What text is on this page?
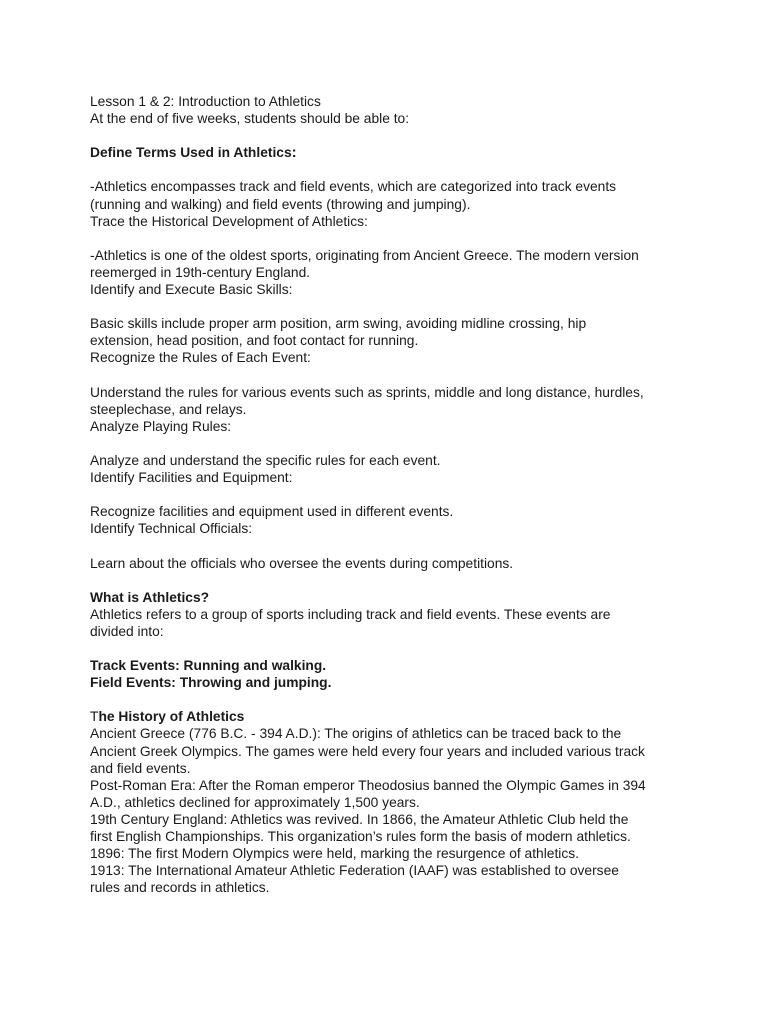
Lesson 1 & 2: Introduction to Athletics
At the end of five weeks, students should be able to:
Define Terms Used in Athletics:
-Athletics encompasses track and field events, which are categorized into track events
(running and walking) and field events (throwing and jumping).
Trace the Historical Development of Athletics:
-Athletics is one of the oldest sports, originating from Ancient Greece. The modern version
reemerged in 19th-century England.
Identify and Execute Basic Skills:
Basic skills include proper arm position, arm swing, avoiding midline crossing, hip
extension, head position, and foot contact for running.
Recognize the Rules of Each Event:
Understand the rules for various events such as sprints, middle and long distance, hurdles,
steeplechase, and relays.
Analyze Playing Rules:
Analyze and understand the specific rules for each event.
Identify Facilities and Equipment:
Recognize facilities and equipment used in different events.
Identify Technical Officials:
Learn about the officials who oversee the events during competitions.
What is Athletics?
Athletics refers to a group of sports including track and field events. These events are
divided into:
Track Events: Running and walking.
Field Events: Throwing and jumping.
The History of Athletics
Ancient Greece (776 B.C. - 394 A.D.): The origins of athletics can be traced back to the
Ancient Greek Olympics. The games were held every four years and included various track
and field events.
Post-Roman Era: After the Roman emperor Theodosius banned the Olympic Games in 394
A.D., athletics declined for approximately 1,500 years.
19th Century England: Athletics was revived. In 1866, the Amateur Athletic Club held the
first English Championships. This organization’s rules form the basis of modern athletics.
1896: The first Modern Olympics were held, marking the resurgence of athletics.
1913: The International Amateur Athletic Federation (IAAF) was established to oversee
rules and records in athletics.
